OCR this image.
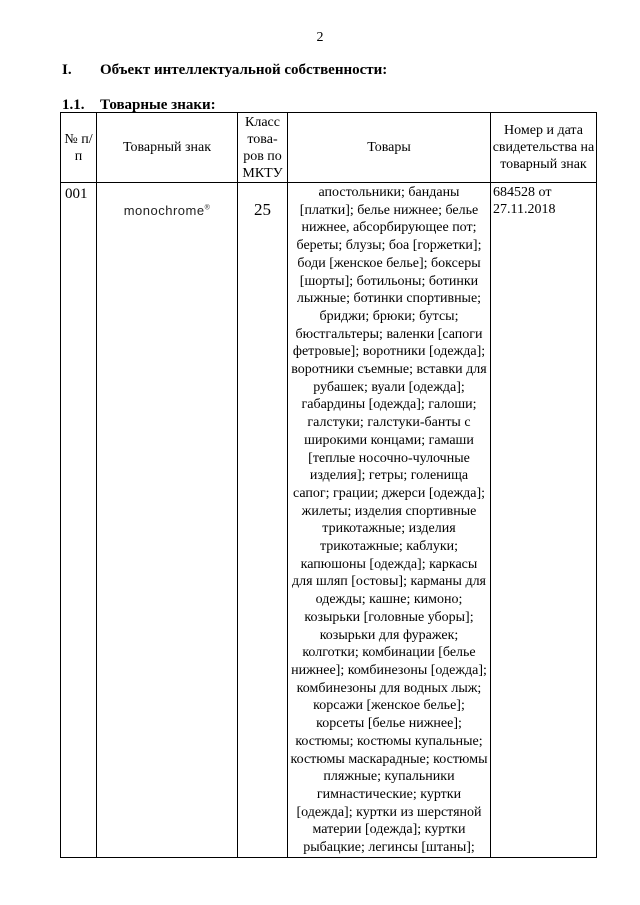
2
I. Объект интеллектуальной собственности:
1.1. Товарные знаки:
№ п/п	Товарный знак	Класс това-ров по МКТУ	Товары	Номер и дата свидетельства на товарный знак
001	monochrome®	25	апостольники; банданы [платки]; белье нижнее; белье нижнее, абсорбирующее пот; береты; блузы; боа [горжетки]; боди [женское белье]; боксеры [шорты]; ботильоны; ботинки лыжные; ботинки спортивные; бриджи; брюки; бутсы; бюстгальтеры; валенки [сапоги фетровые]; воротники [одежда]; воротники съемные; вставки для рубашек; вуали [одежда]; габардины [одежда]; галоши; галстуки; галстуки-банты с широкими концами; гамаши [теплые носочно-чулочные изделия]; гетры; голенища сапог; грации; джерси [одежда]; жилеты; изделия спортивные трикотажные; изделия трикотажные; каблуки; капюшоны [одежда]; каркасы для шляп [остовы]; карманы для одежды; кашне; кимоно; козырьки [головные уборы]; козырьки для фуражек; колготки; комбинации [белье нижнее]; комбинезоны [одежда]; комбинезоны для водных лыж; корсажи [женское белье]; корсеты [белье нижнее]; костюмы; костюмы купальные; костюмы маскарадные; костюмы пляжные; купальники гимнастические; куртки [одежда]; куртки из шерстяной материи [одежда]; куртки рыбацкие; легинсы [штаны];	684528 от 27.11.2018
